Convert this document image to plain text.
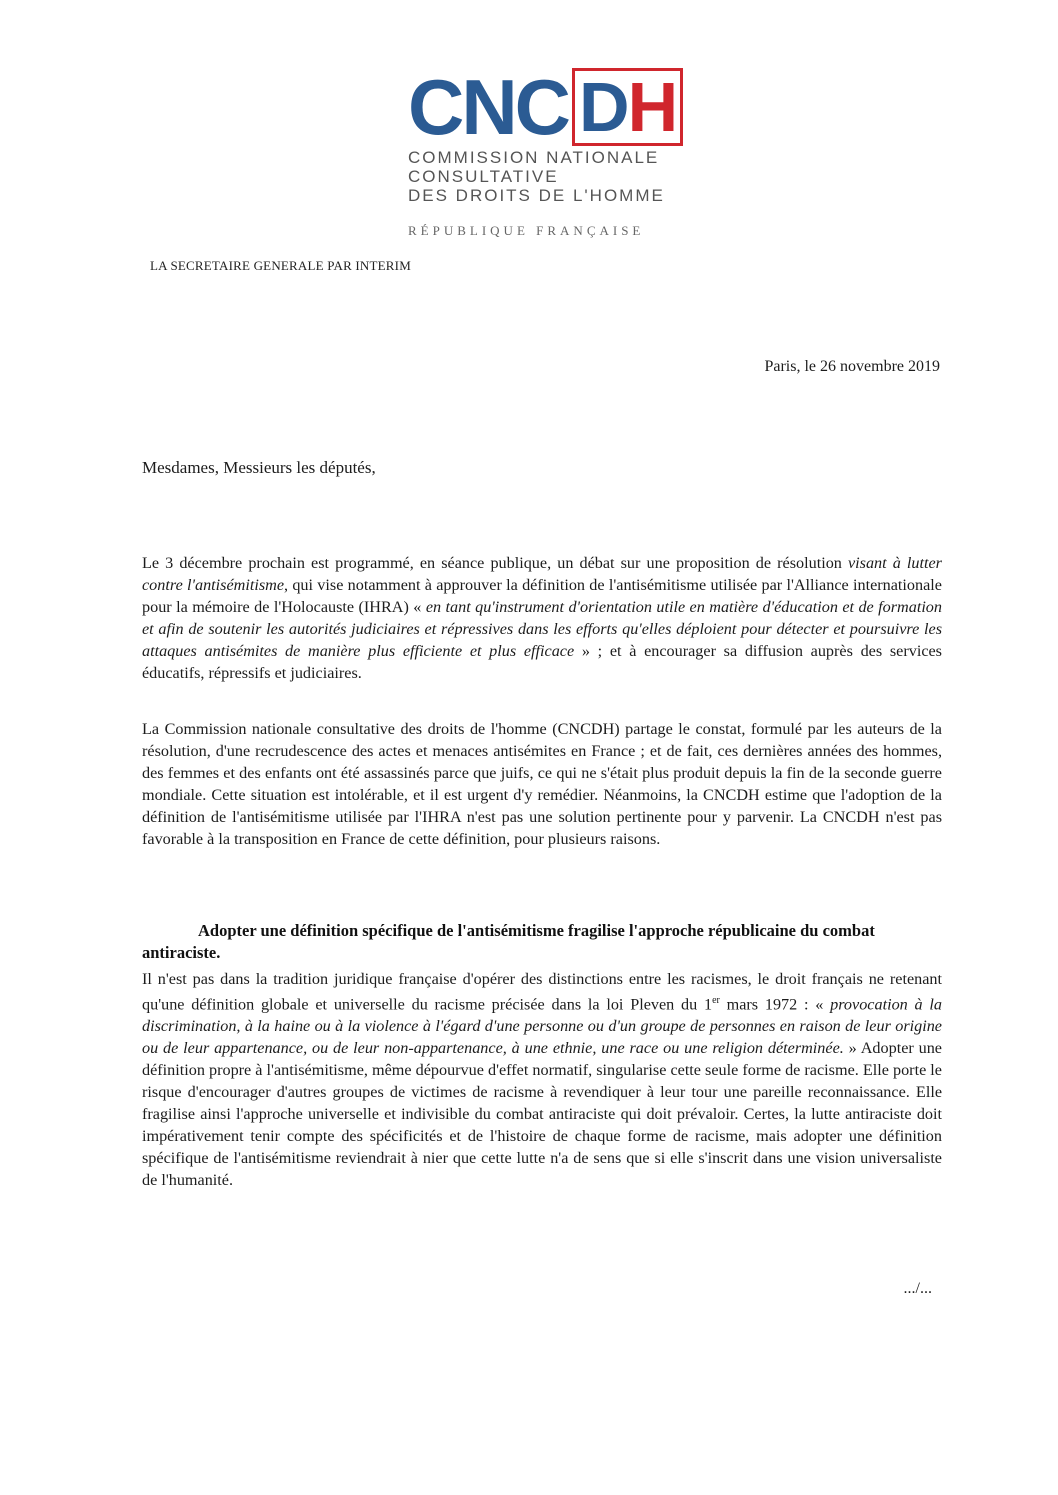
CNC D H
COMMISSION NATIONALE
CONSULTATIVE
DES DROITS DE L'HOMME
RÉPUBLIQUE FRANÇAISE
LA SECRETAIRE GENERALE PAR INTERIM
Paris, le 26 novembre 2019
Mesdames, Messieurs les députés,
Le 3 décembre prochain est programmé, en séance publique, un débat sur une proposition de résolution visant à lutter contre l'antisémitisme, qui vise notamment à approuver la définition de l'antisémitisme utilisée par l'Alliance internationale pour la mémoire de l'Holocauste (IHRA) « en tant qu'instrument d'orientation utile en matière d'éducation et de formation et afin de soutenir les autorités judiciaires et répressives dans les efforts qu'elles déploient pour détecter et poursuivre les attaques antisémites de manière plus efficiente et plus efficace » ; et à encourager sa diffusion auprès des services éducatifs, répressifs et judiciaires.
La Commission nationale consultative des droits de l'homme (CNCDH) partage le constat, formulé par les auteurs de la résolution, d'une recrudescence des actes et menaces antisémites en France ; et de fait, ces dernières années des hommes, des femmes et des enfants ont été assassinés parce que juifs, ce qui ne s'était plus produit depuis la fin de la seconde guerre mondiale. Cette situation est intolérable, et il est urgent d'y remédier. Néanmoins, la CNCDH estime que l'adoption de la définition de l'antisémitisme utilisée par l'IHRA n'est pas une solution pertinente pour y parvenir. La CNCDH n'est pas favorable à la transposition en France de cette définition, pour plusieurs raisons.
Adopter une définition spécifique de l'antisémitisme fragilise l'approche républicaine du combat antiraciste.
Il n'est pas dans la tradition juridique française d'opérer des distinctions entre les racismes, le droit français ne retenant qu'une définition globale et universelle du racisme précisée dans la loi Pleven du 1er mars 1972 : « provocation à la discrimination, à la haine ou à la violence à l'égard d'une personne ou d'un groupe de personnes en raison de leur origine ou de leur appartenance, ou de leur non-appartenance, à une ethnie, une race ou une religion déterminée. » Adopter une définition propre à l'antisémitisme, même dépourvue d'effet normatif, singularise cette seule forme de racisme. Elle porte le risque d'encourager d'autres groupes de victimes de racisme à revendiquer à leur tour une pareille reconnaissance. Elle fragilise ainsi l'approche universelle et indivisible du combat antiraciste qui doit prévaloir. Certes, la lutte antiraciste doit impérativement tenir compte des spécificités et de l'histoire de chaque forme de racisme, mais adopter une définition spécifique de l'antisémitisme reviendrait à nier que cette lutte n'a de sens que si elle s'inscrit dans une vision universaliste de l'humanité.
.../...
